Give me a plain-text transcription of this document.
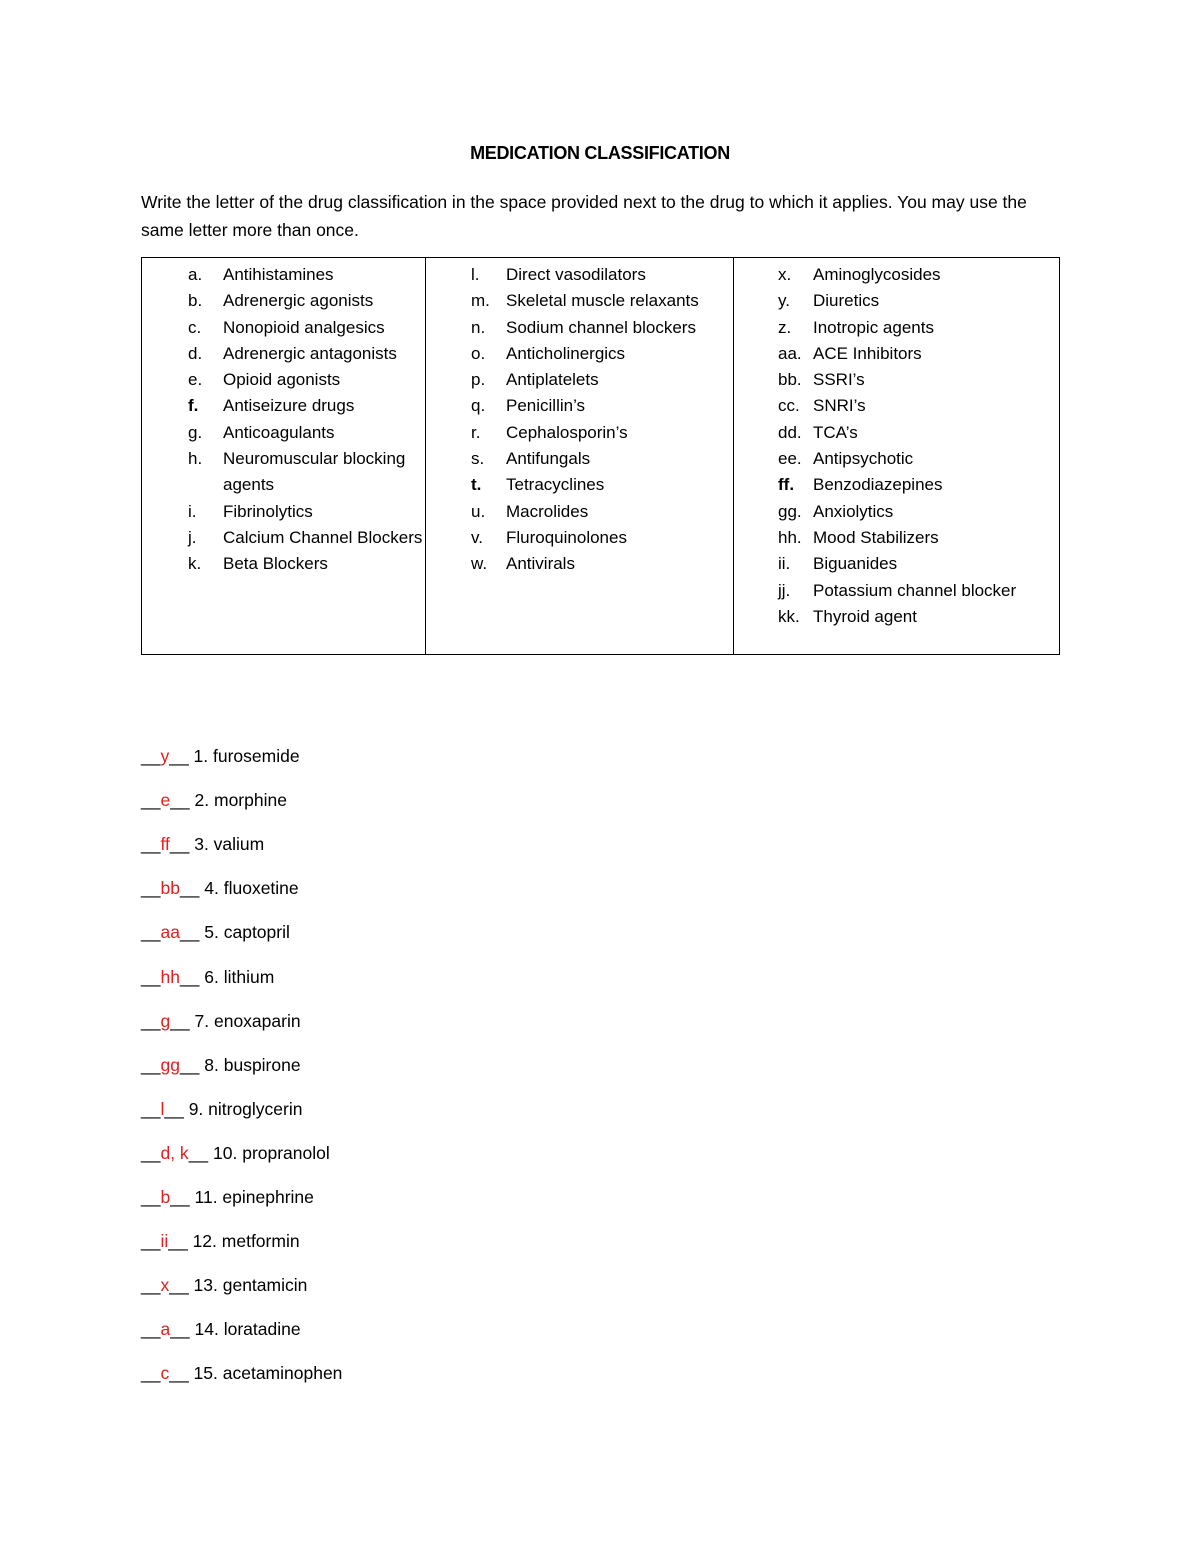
MEDICATION CLASSIFICATION
Write the letter of the drug classification in the space provided next to the drug to which it applies. You may use the same letter more than once.
a.	Antihistamines
b.	Adrenergic agonists
c.	Nonopioid analgesics
d.	Adrenergic antagonists
e.	Opioid agonists
f.	Antiseizure drugs
g.	Anticoagulants
h.	Neuromuscular blocking agents
i.	Fibrinolytics
j.	Calcium Channel Blockers
k.	Beta Blockers
l.	Direct vasodilators
m. Skeletal muscle relaxants
n.	Sodium channel blockers
o.	Anticholinergics
p.	Antiplatelets
q.	Penicillin’s
r.	Cephalosporin’s
s.	Antifungals
t.	Tetracyclines
u.	Macrolides
v.	Fluroquinolones
w.	Antivirals
x.	Aminoglycosides
y.	Diuretics
z.	Inotropic agents
aa. ACE Inhibitors
bb. SSRI’s
cc. SNRI’s
dd. TCA’s
ee. Antipsychotic
ff.	Benzodiazepines
gg. Anxiolytics
hh. Mood Stabilizers
ii.	Biguanides
jj.	Potassium channel blocker
kk. Thyroid agent
__y__ 1. furosemide
__e__ 2. morphine
__ff__ 3. valium
__bb__ 4. fluoxetine
__aa__ 5. captopril
__hh__ 6. lithium
__g__ 7. enoxaparin
__gg__ 8. buspirone
__l__ 9. nitroglycerin
__d, k__ 10. propranolol
__b__ 11. epinephrine
__ii__ 12. metformin
__x__ 13. gentamicin
__a__ 14. loratadine
__c__ 15. acetaminophen
